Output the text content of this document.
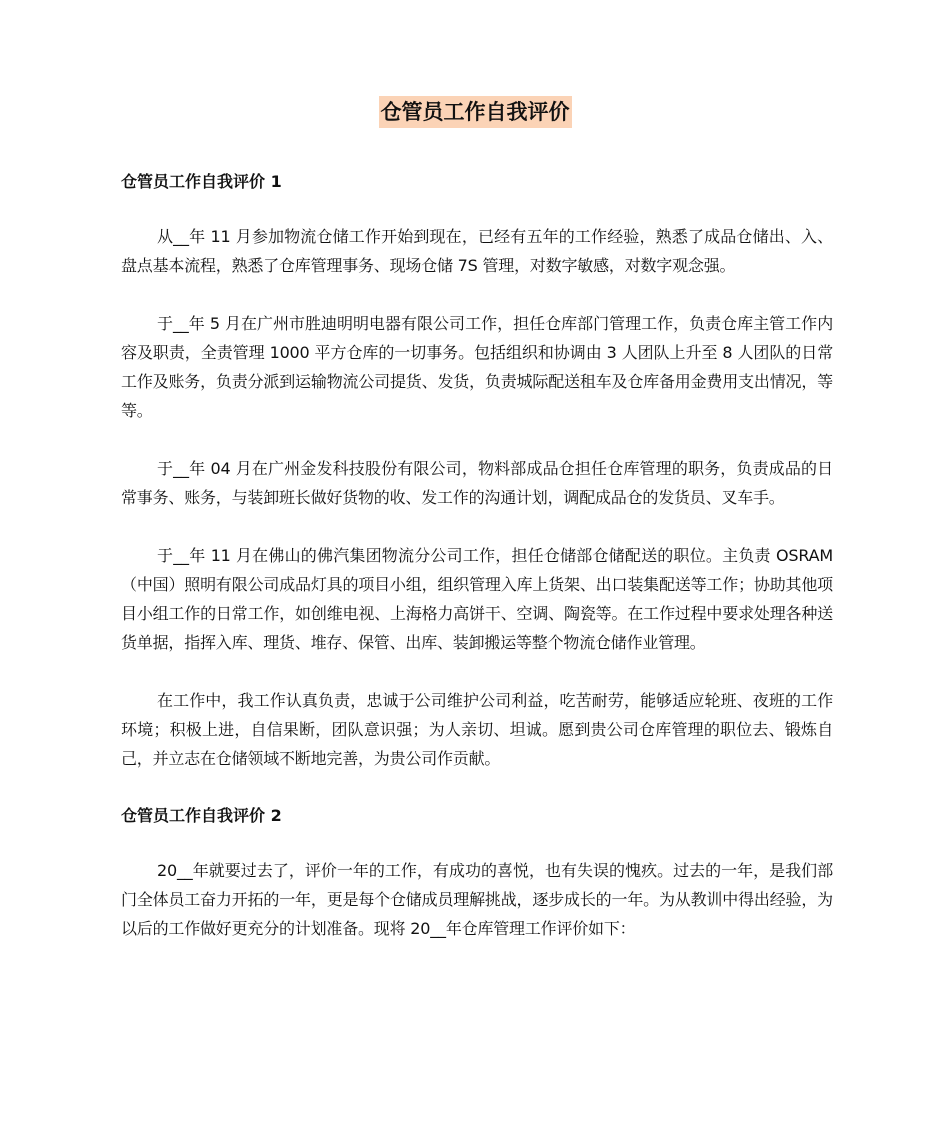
仓管员工作自我评价

仓管员工作自我评价 1

从__年 11 月参加物流仓储工作开始到现在，已经有五年的工作经验，熟悉了成品仓储出、入、盘点基本流程，熟悉了仓库管理事务、现场仓储 7S 管理，对数字敏感，对数字观念强。

于__年 5 月在广州市胜迪明明电器有限公司工作，担任仓库部门管理工作，负责仓库主管工作内容及职责，全责管理 1000 平方仓库的一切事务。包括组织和协调由 3 人团队上升至 8 人团队的日常工作及账务，负责分派到运输物流公司提货、发货，负责城际配送租车及仓库备用金费用支出情况，等等。

于__年 04 月在广州金发科技股份有限公司，物料部成品仓担任仓库管理的职务，负责成品的日常事务、账务，与装卸班长做好货物的收、发工作的沟通计划，调配成品仓的发货员、叉车手。

于__年 11 月在佛山的佛汽集团物流分公司工作，担任仓储部仓储配送的职位。主负责 OSRAM（中国）照明有限公司成品灯具的项目小组，组织管理入库上货架、出口装集配送等工作；协助其他项目小组工作的日常工作，如创维电视、上海格力高饼干、空调、陶瓷等。在工作过程中要求处理各种送货单据，指挥入库、理货、堆存、保管、出库、装卸搬运等整个物流仓储作业管理。

在工作中，我工作认真负责，忠诚于公司维护公司利益，吃苦耐劳，能够适应轮班、夜班的工作环境；积极上进，自信果断，团队意识强；为人亲切、坦诚。愿到贵公司仓库管理的职位去、锻炼自己，并立志在仓储领域不断地完善，为贵公司作贡献。

仓管员工作自我评价 2

20__年就要过去了，评价一年的工作，有成功的喜悦，也有失误的愧疚。过去的一年，是我们部门全体员工奋力开拓的一年，更是每个仓储成员理解挑战，逐步成长的一年。为从教训中得出经验，为以后的工作做好更充分的计划准备。现将 20__年仓库管理工作评价如下：
